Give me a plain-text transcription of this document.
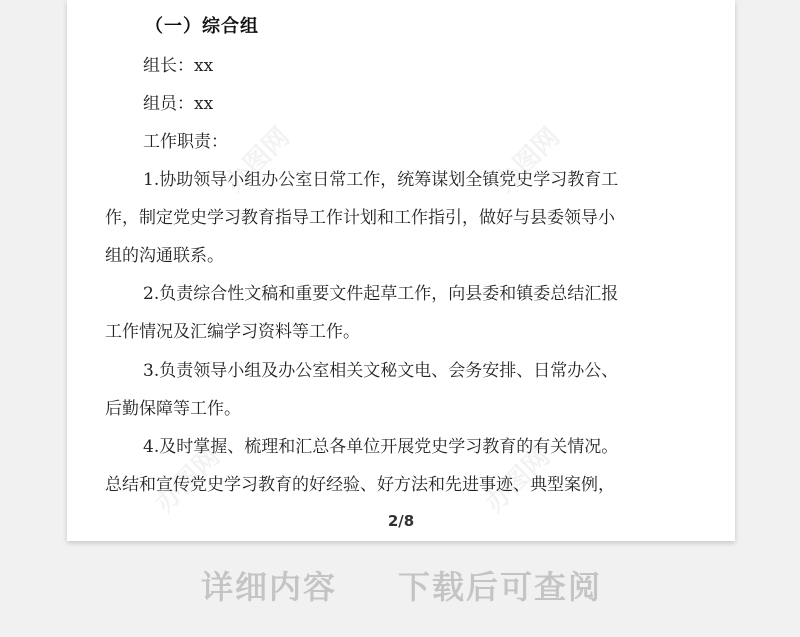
办图网	办图网
办图网	办图网
（一）综合组
组长：xx
组员：xx
工作职责：
1.协助领导小组办公室日常工作，统筹谋划全镇党史学习教育工
作，制定党史学习教育指导工作计划和工作指引，做好与县委领导小
组的沟通联系。
2.负责综合性文稿和重要文件起草工作，向县委和镇委总结汇报
工作情况及汇编学习资料等工作。
3.负责领导小组及办公室相关文秘文电、会务安排、日常办公、
后勤保障等工作。
4.及时掌握、梳理和汇总各单位开展党史学习教育的有关情况。
总结和宣传党史学习教育的好经验、好方法和先进事迹、典型案例，
2/8
详细内容 下载后可查阅
